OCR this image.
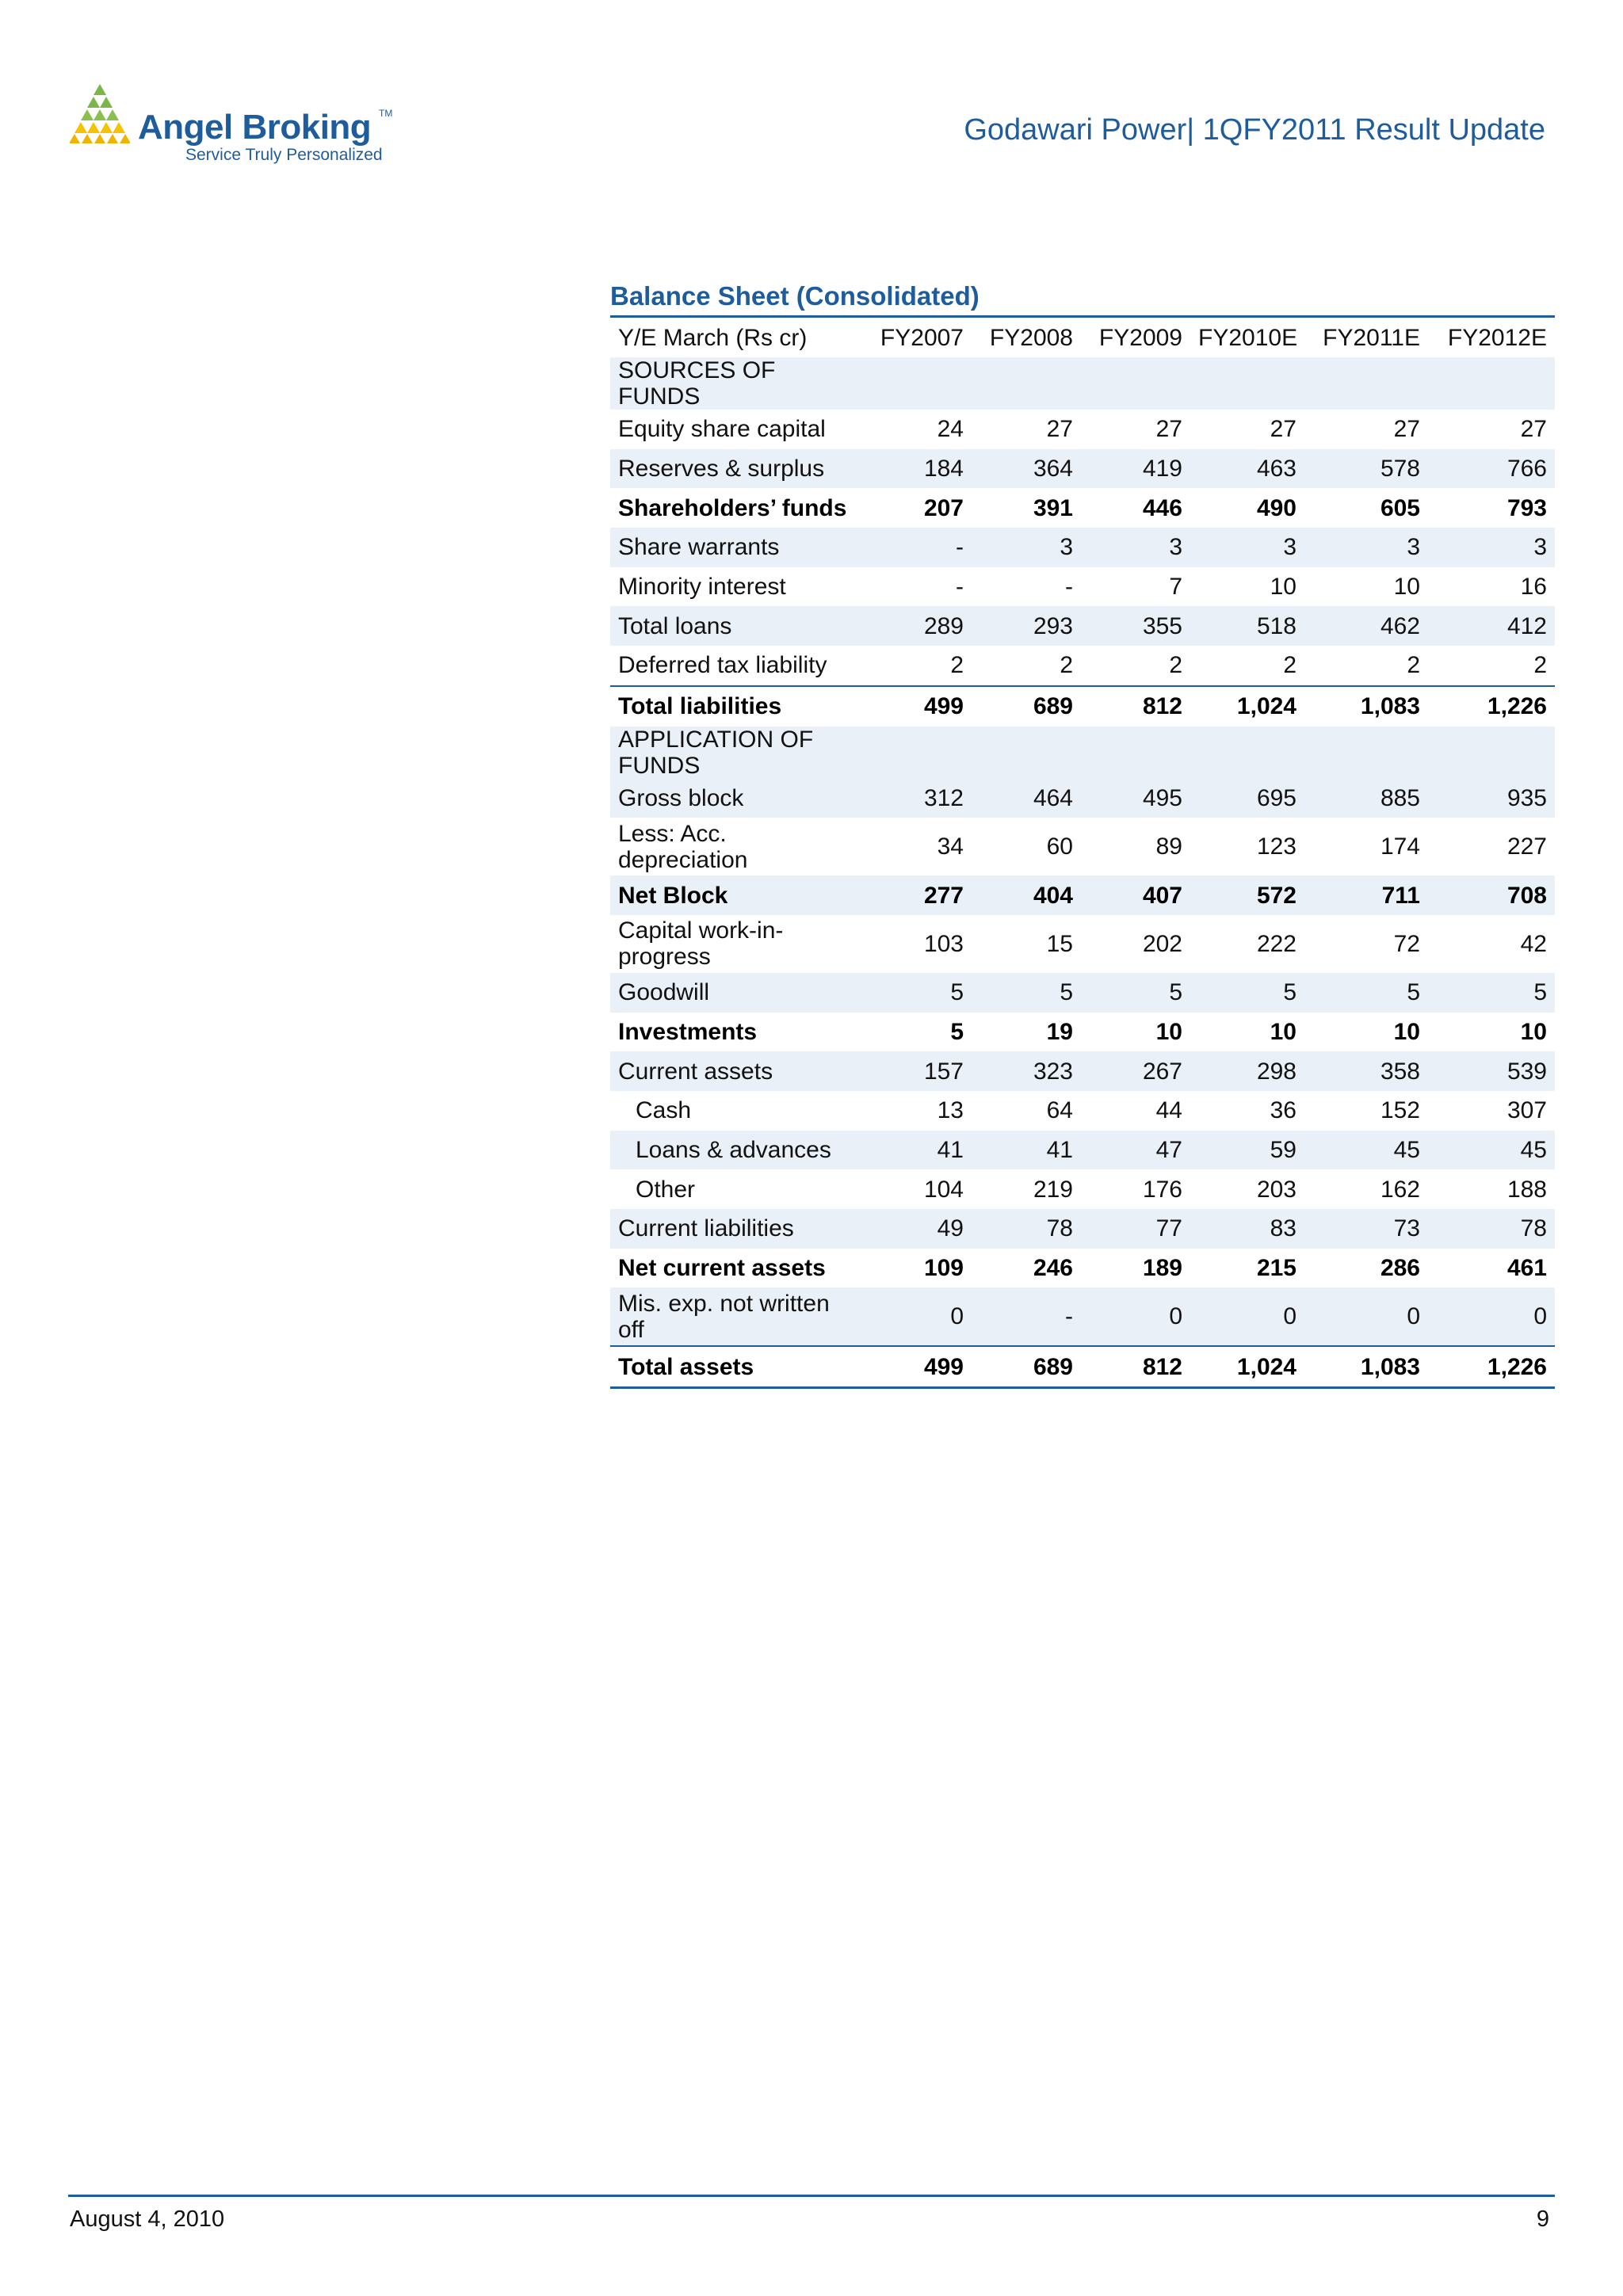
Angel Broking TM
Service Truly Personalized
Godawari Power| 1QFY2011 Result Update
Balance Sheet (Consolidated)
Y/E March (Rs cr)	FY2007	FY2008	FY2009	FY2010E	FY2011E	FY2012E
SOURCES OF FUNDS						
Equity share capital	24	27	27	27	27	27
Reserves & surplus	184	364	419	463	578	766
Shareholders’ funds	207	391	446	490	605	793
Share warrants	-	3	3	3	3	3
Minority interest	-	-	7	10	10	16
Total loans	289	293	355	518	462	412
Deferred tax liability	2	2	2	2	2	2
Total liabilities	499	689	812	1,024	1,083	1,226
APPLICATION OF FUNDS						
Gross block	312	464	495	695	885	935
Less: Acc. depreciation	34	60	89	123	174	227
Net Block	277	404	407	572	711	708
Capital work-in-progress	103	15	202	222	72	42
Goodwill	5	5	5	5	5	5
Investments	5	19	10	10	10	10
Current assets	157	323	267	298	358	539
Cash	13	64	44	36	152	307
Loans & advances	41	41	47	59	45	45
Other	104	219	176	203	162	188
Current liabilities	49	78	77	83	73	78
Net current assets	109	246	189	215	286	461
Mis. exp. not written off	0	-	0	0	0	0
Total assets	499	689	812	1,024	1,083	1,226
August 4, 2010	9
